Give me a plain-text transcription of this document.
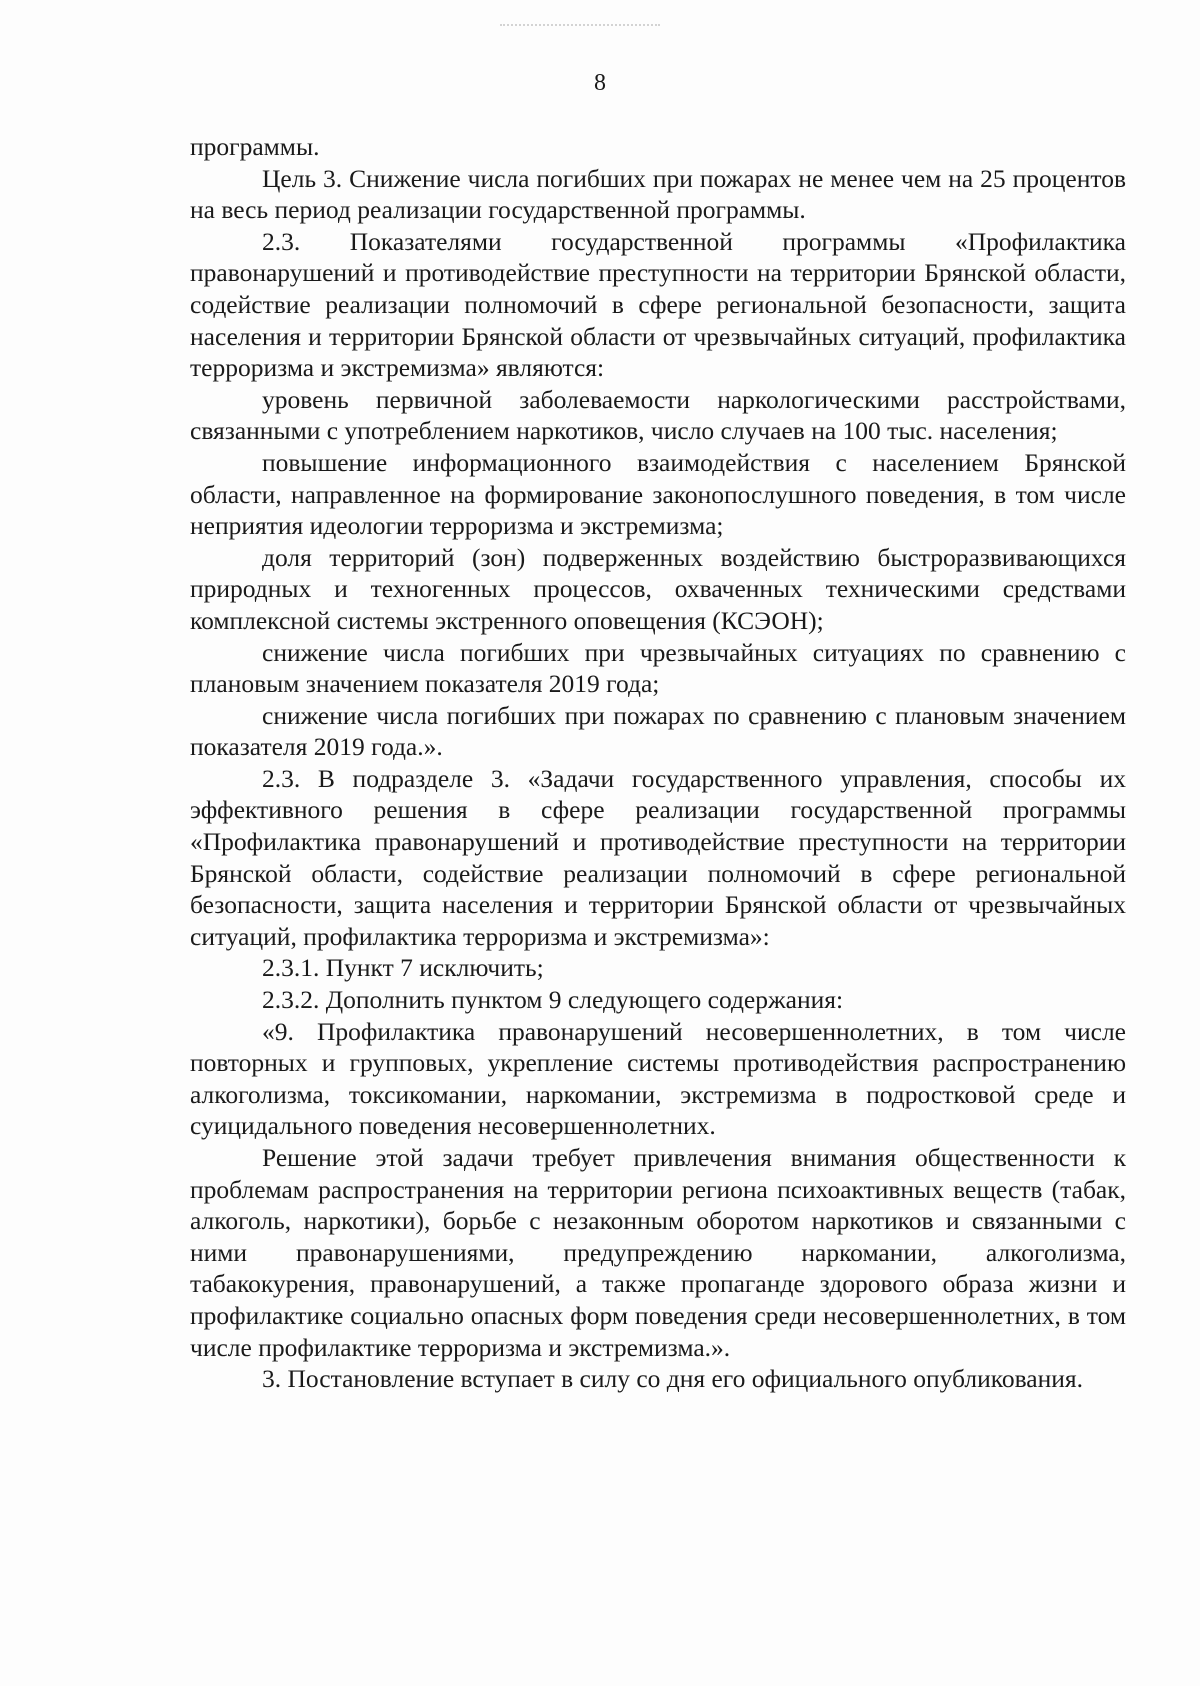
8

программы.

Цель 3. Снижение числа погибших при пожарах не менее чем на 25 процентов на весь период реализации государственной программы.

2.3. Показателями государственной программы «Профилактика правонарушений и противодействие преступности на территории Брянской области, содействие реализации полномочий в сфере региональной безопасности, защита населения и территории Брянской области от чрезвычайных ситуаций, профилактика терроризма и экстремизма» являются:

уровень первичной заболеваемости наркологическими расстройствами, связанными с употреблением наркотиков, число случаев на 100 тыс. населения;

повышение информационного взаимодействия с населением Брянской области, направленное на формирование законопослушного поведения, в том числе неприятия идеологии терроризма и экстремизма;

доля территорий (зон) подверженных воздействию быстроразвивающихся природных и техногенных процессов, охваченных техническими средствами комплексной системы экстренного оповещения (КСЭОН);

снижение числа погибших при чрезвычайных ситуациях по сравнению с плановым значением показателя 2019 года;

снижение числа погибших при пожарах по сравнению с плановым значением показателя 2019 года.».

2.3. В подразделе 3. «Задачи государственного управления, способы их эффективного решения в сфере реализации государственной программы «Профилактика правонарушений и противодействие преступности на территории Брянской области, содействие реализации полномочий в сфере региональной безопасности, защита населения и территории Брянской области от чрезвычайных ситуаций, профилактика терроризма и экстремизма»:

2.3.1. Пункт 7 исключить;

2.3.2. Дополнить пунктом 9 следующего содержания:

«9. Профилактика правонарушений несовершеннолетних, в том числе повторных и групповых, укрепление системы противодействия распространению алкоголизма, токсикомании, наркомании, экстремизма в подростковой среде и суицидального поведения несовершеннолетних.

Решение этой задачи требует привлечения внимания общественности к проблемам распространения на территории региона психоактивных веществ (табак, алкоголь, наркотики), борьбе с незаконным оборотом наркотиков и связанными с ними правонарушениями, предупреждению наркомании, алкоголизма, табакокурения, правонарушений, а также пропаганде здорового образа жизни и профилактике социально опасных форм поведения среди несовершеннолетних, в том числе профилактике терроризма и экстремизма.».

3. Постановление вступает в силу со дня его официального опубликования.
